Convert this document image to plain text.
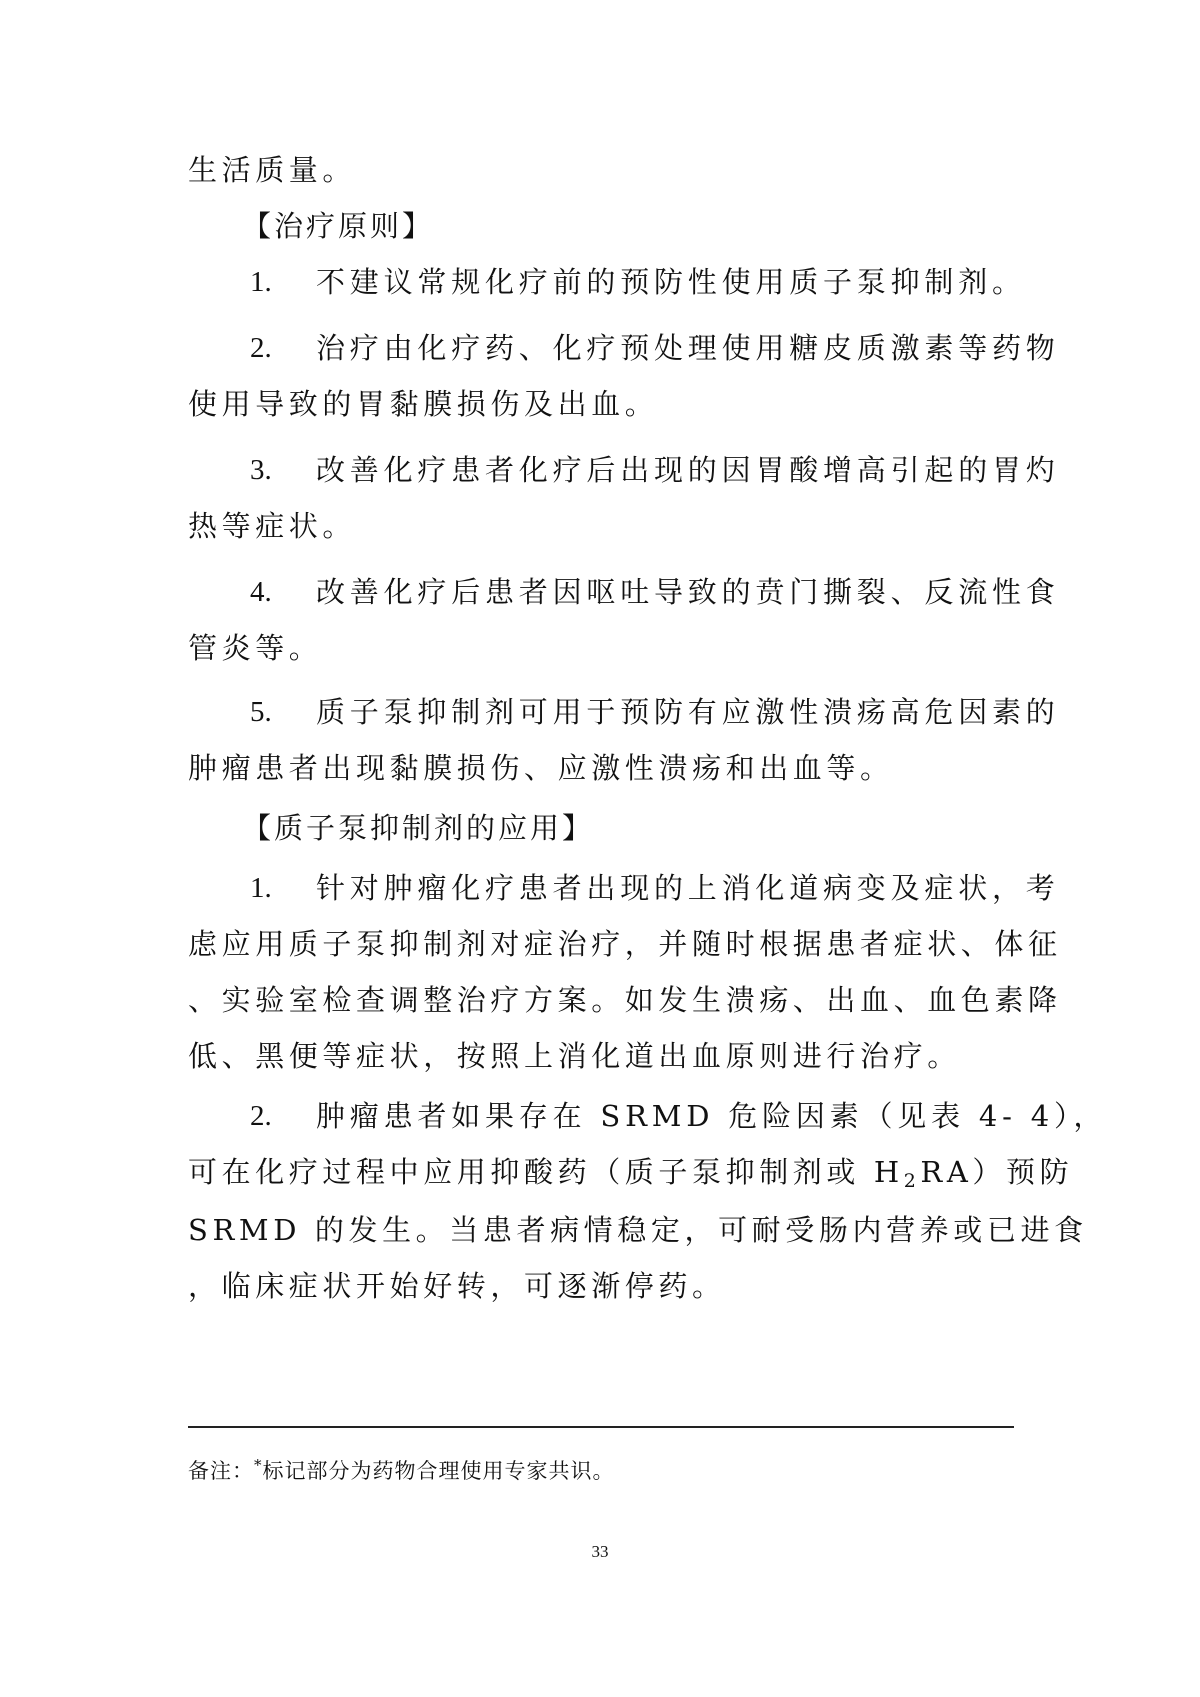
生活质量。
【治疗原则】
1.	不建议常规化疗前的预防性使用质子泵抑制剂。
2.	治疗由化疗药、化疗预处理使用糖皮质激素等药物
使用导致的胃黏膜损伤及出血。
3.	改善化疗患者化疗后出现的因胃酸增高引起的胃灼
热等症状。
4.	改善化疗后患者因呕吐导致的贲门撕裂、反流性食
管炎等。
5.	质子泵抑制剂可用于预防有应激性溃疡高危因素的
肿瘤患者出现黏膜损伤、应激性溃疡和出血等。
【质子泵抑制剂的应用】
1.	针对肿瘤化疗患者出现的上消化道病变及症状，考
虑应用质子泵抑制剂对症治疗，并随时根据患者症状、体征
、实验室检查调整治疗方案。如发生溃疡、出血、血色素降
低、黑便等症状，按照上消化道出血原则进行治疗。
2.	肿瘤患者如果存在 SRMD 危险因素（见表 4- 4），
可在化疗过程中应用抑酸药（质子泵抑制剂或 $H_2RA$）预防
SRMD 的发生。当患者病情稳定，可耐受肠内营养或已进食
，临床症状开始好转，可逐渐停药。
备注：*标记部分为药物合理使用专家共识。
33
